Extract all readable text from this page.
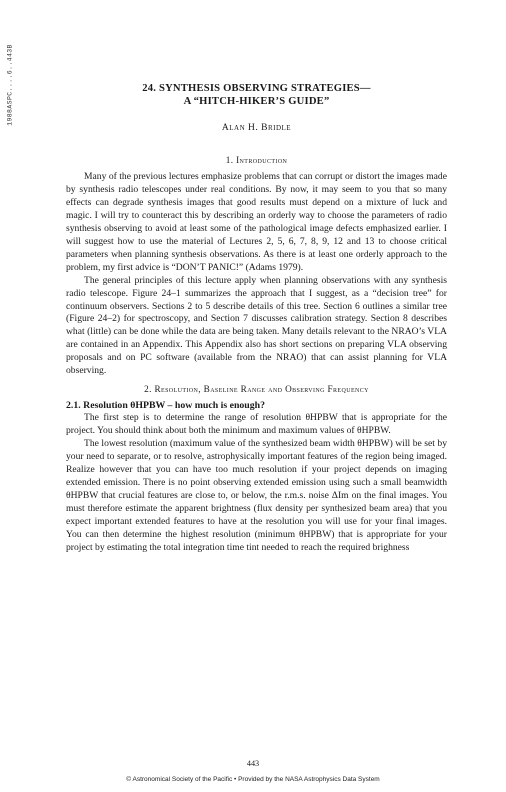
1988ASPC....6..443B	24. SYNTHESIS OBSERVING STRATEGIES—
A “HITCH-HIKER’S GUIDE”
Alan H. Bridle
1. Introduction

Many of the previous lectures emphasize problems that can corrupt or distort the images made by synthesis radio telescopes under real conditions. By now, it may seem to you that so many effects can degrade synthesis images that good results must depend on a mixture of luck and magic. I will try to counteract this by describing an orderly way to choose the parameters of radio synthesis observing to avoid at least some of the pathological image defects emphasized earlier. I will suggest how to use the material of Lectures 2, 5, 6, 7, 8, 9, 12 and 13 to choose critical parameters when planning synthesis observations. As there is at least one orderly approach to the problem, my first advice is “DON’T PANIC!” (Adams 1979).

The general principles of this lecture apply when planning observations with any synthesis radio telescope. Figure 24–1 summarizes the approach that I suggest, as a “decision tree” for continuum observers. Sections 2 to 5 describe details of this tree. Section 6 outlines a similar tree (Figure 24–2) for spectroscopy, and Section 7 discusses calibration strategy. Section 8 describes what (little) can be done while the data are being taken. Many details relevant to the NRAO’s VLA are contained in an Appendix. This Appendix also has short sections on preparing VLA observing proposals and on PC software (available from the NRAO) that can assist planning for VLA observing.

2. Resolution, Baseline Range and Observing Frequency
2.1. Resolution θHPBW – how much is enough?

The first step is to determine the range of resolution θHPBW that is appropriate for the project. You should think about both the minimum and maximum values of θHPBW.

The lowest resolution (maximum value of the synthesized beam width θHPBW) will be set by your need to separate, or to resolve, astrophysically important features of the region being imaged. Realize however that you can have too much resolution if your project depends on imaging extended emission. There is no point observing extended emission using such a small beamwidth θHPBW that crucial features are close to, or below, the r.m.s. noise ΔIm on the final images. You must therefore estimate the apparent brightness (flux density per synthesized beam area) that you expect important extended features to have at the resolution you will use for your final images. You can then determine the highest resolution (minimum θHPBW) that is appropriate for your project by estimating the total integration time tint needed to reach the required brighness

443
© Astronomical Society of the Pacific • Provided by the NASA Astrophysics Data System
